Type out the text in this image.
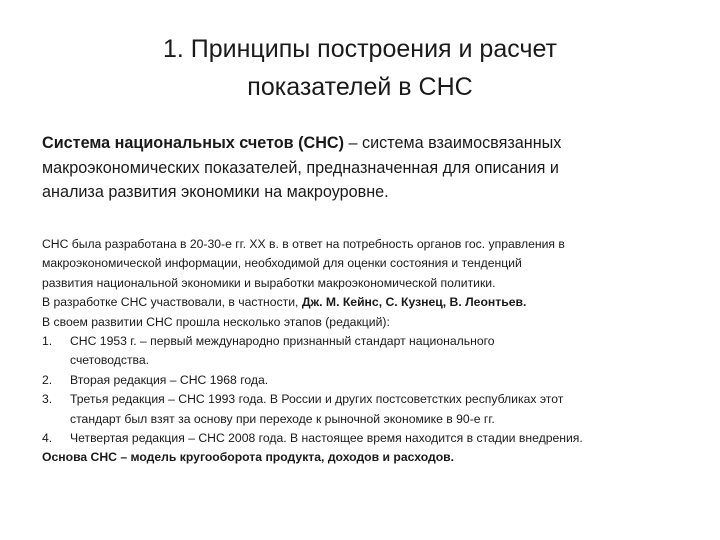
1. Принципы построения и расчет
показателей в СНС
Система национальных счетов (СНС) – система взаимосвязанных
макроэкономических показателей, предназначенная для описания и
анализа развития экономики на макроуровне.

СНС была разработана в 20-30-е гг. ХХ в. в ответ на потребность органов гос. управления в
макроэкономической информации, необходимой для оценки состояния и тенденций
развития национальной экономики и выработки макроэкономической политики.

В разработке СНС участвовали, в частности, Дж. М. Кейнс, С. Кузнец, В. Леонтьев.

В своем развитии СНС прошла несколько этапов (редакций):

1. СНС 1953 г. – первый международно признанный стандарт национального
счетоводства.
2. Вторая редакция – СНС 1968 года.
3. Третья редакция – СНС 1993 года. В России и других постсоветстких республиках этот
стандарт был взят за основу при переходе к рыночной экономике в 90-е гг.
4. Четвертая редакция – СНС 2008 года. В настоящее время находится в стадии внедрения.

Основа СНС – модель кругооборота продукта, доходов и расходов.
